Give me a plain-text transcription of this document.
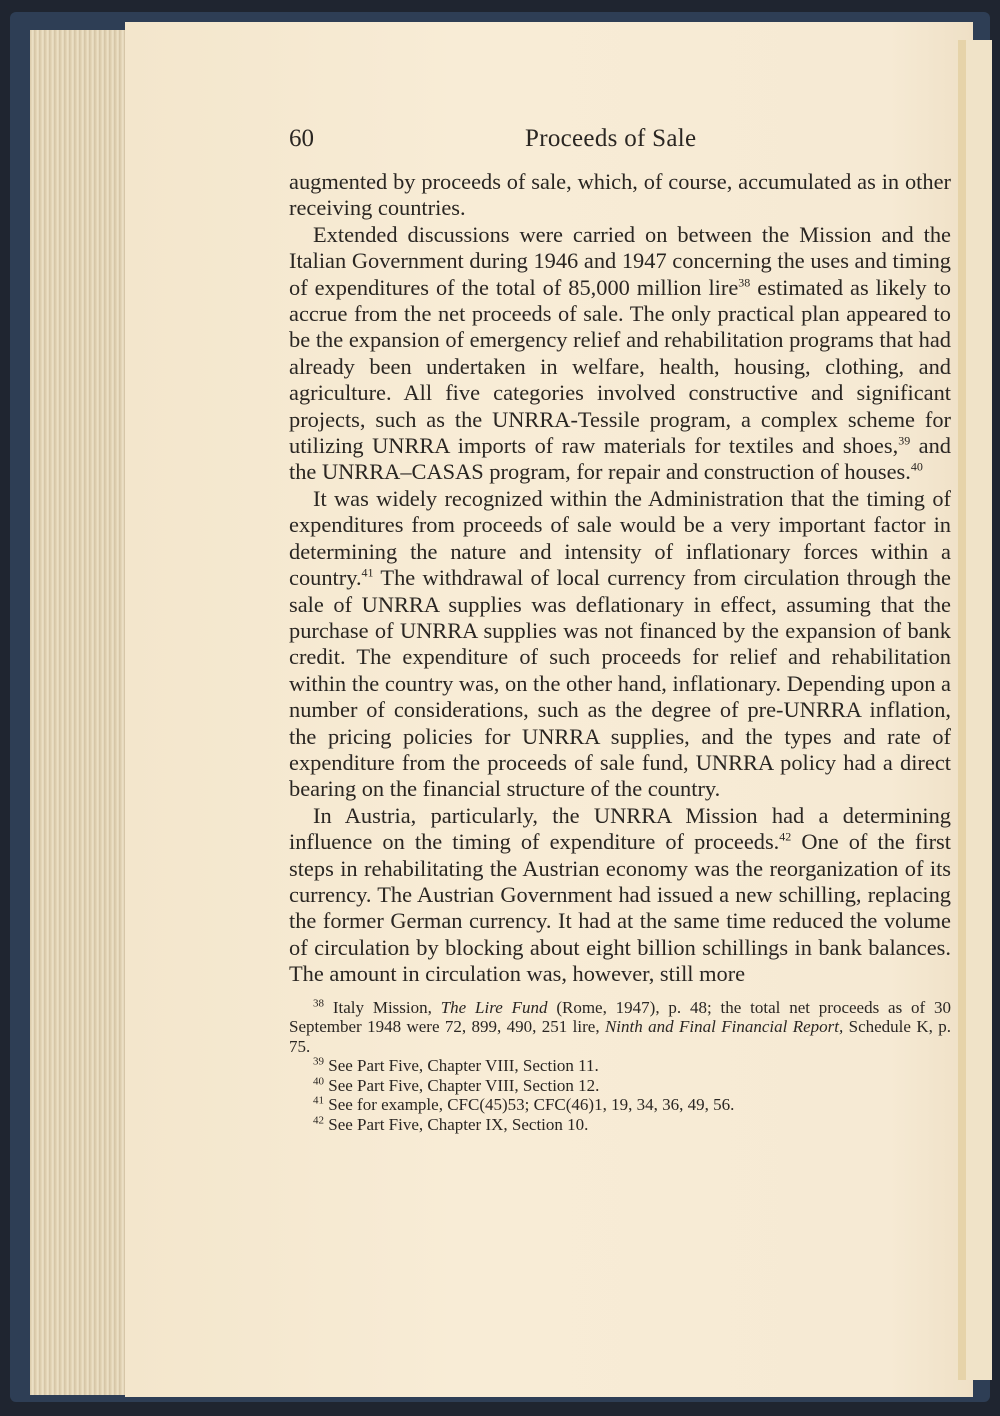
60	Proceeds of Sale

augmented by proceeds of sale, which, of course, accumulated as in other receiving countries.

Extended discussions were carried on between the Mission and the Italian Government during 1946 and 1947 concerning the uses and timing of expenditures of the total of 85,000 million lire$^{38}$ estimated as likely to accrue from the net proceeds of sale. The only practical plan appeared to be the expansion of emergency relief and rehabilitation programs that had already been undertaken in welfare, health, housing, clothing, and agriculture. All five categories involved constructive and significant projects, such as the UNRRA-Tessile program, a complex scheme for utilizing UNRRA imports of raw materials for textiles and shoes,$^{39}$ and the UNRRA–CASAS program, for repair and construction of houses.$^{40}$

It was widely recognized within the Administration that the timing of expenditures from proceeds of sale would be a very important factor in determining the nature and intensity of inflationary forces within a country.$^{41}$ The withdrawal of local currency from circulation through the sale of UNRRA supplies was deflationary in effect, assuming that the purchase of UNRRA supplies was not financed by the expansion of bank credit. The expenditure of such proceeds for relief and rehabilitation within the country was, on the other hand, inflationary. Depending upon a number of considerations, such as the degree of pre-UNRRA inflation, the pricing policies for UNRRA supplies, and the types and rate of expenditure from the proceeds of sale fund, UNRRA policy had a direct bearing on the financial structure of the country.

In Austria, particularly, the UNRRA Mission had a determining influence on the timing of expenditure of proceeds.$^{42}$ One of the first steps in rehabilitating the Austrian economy was the reorganization of its currency. The Austrian Government had issued a new schilling, replacing the former German currency. It had at the same time reduced the volume of circulation by blocking about eight billion schillings in bank balances. The amount in circulation was, however, still more

$^{38}$ Italy Mission, The Lire Fund (Rome, 1947), p. 48; the total net proceeds as of 30 September 1948 were 72, 899, 490, 251 lire, Ninth and Final Financial Report, Schedule K, p. 75.

$^{39}$ See Part Five, Chapter VIII, Section 11.

$^{40}$ See Part Five, Chapter VIII, Section 12.

$^{41}$ See for example, CFC(45)53; CFC(46)1, 19, 34, 36, 49, 56.

$^{42}$ See Part Five, Chapter IX, Section 10.
